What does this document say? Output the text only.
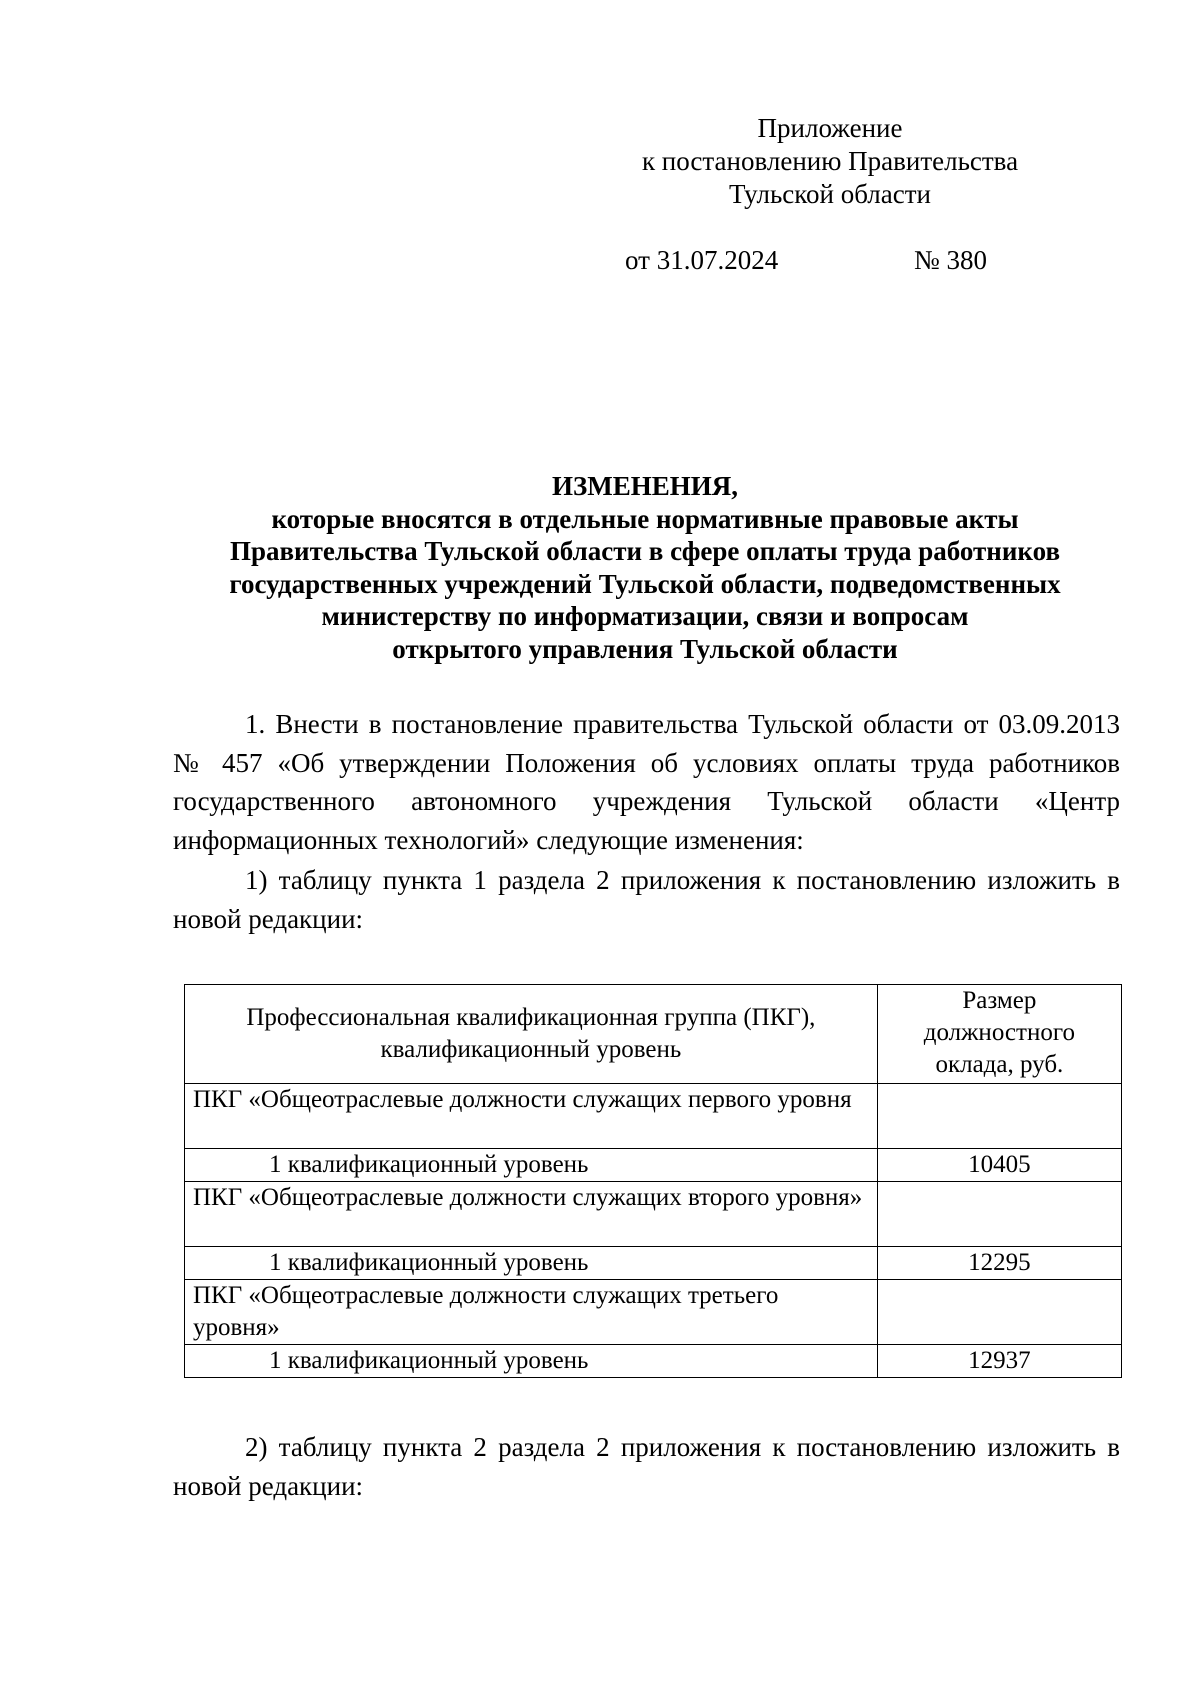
Приложение
к постановлению Правительства
Тульской области
от 31.07.2024	№ 380
ИЗМЕНЕНИЯ,
которые вносятся в отдельные нормативные правовые акты
Правительства Тульской области в сфере оплаты труда работников
государственных учреждений Тульской области, подведомственных
министерству по информатизации, связи и вопросам
открытого управления Тульской области
1. Внести в постановление правительства Тульской области от 03.09.2013 № 457 «Об утверждении Положения об условиях оплаты труда работников государственного автономного учреждения Тульской области «Центр информационных технологий» следующие изменения:
1) таблицу пункта 1 раздела 2 приложения к постановлению изложить в новой редакции:
Профессиональная квалификационная группа (ПКГ), квалификационный уровень	Размер должностного оклада, руб.
ПКГ «Общеотраслевые должности служащих первого уровня	
1 квалификационный уровень	10405
ПКГ «Общеотраслевые должности служащих второго уровня»	
1 квалификационный уровень	12295
ПКГ «Общеотраслевые должности служащих третьего уровня»	
1 квалификационный уровень	12937
2) таблицу пункта 2 раздела 2 приложения к постановлению изложить в новой редакции:
